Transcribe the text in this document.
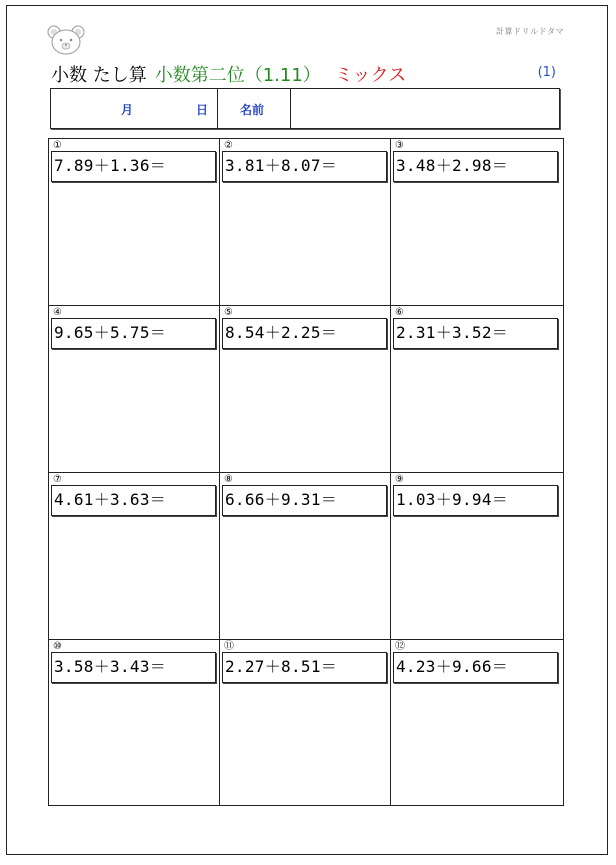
計算ドリルドタマ
小数 たし算 小数第二位（1.11） ミックス	(1)
月	日	名前
①
7.89＋1.36＝
②
3.81＋8.07＝
③
3.48＋2.98＝
④
9.65＋5.75＝
⑤
8.54＋2.25＝
⑥
2.31＋3.52＝
⑦
4.61＋3.63＝
⑧
6.66＋9.31＝
⑨
1.03＋9.94＝
⑩
3.58＋3.43＝
⑪
2.27＋8.51＝
⑫
4.23＋9.66＝
